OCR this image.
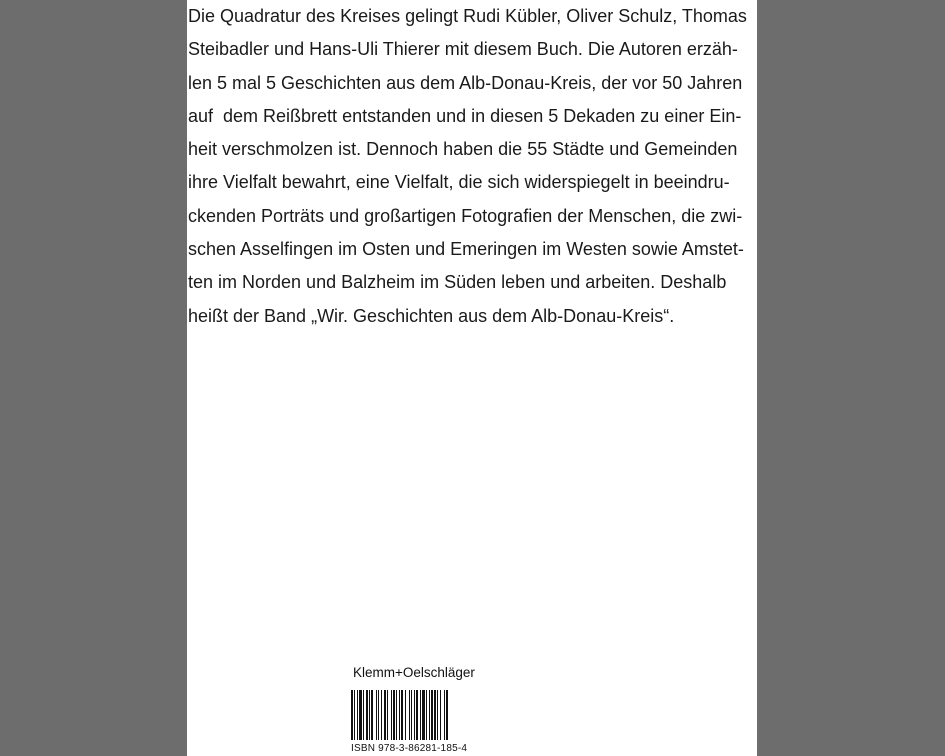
Die Quadratur des Kreises gelingt Rudi Kübler, Oliver Schulz, Thomas
Steibadler und Hans-Uli Thierer mit diesem Buch. Die Autoren erzäh-
len 5 mal 5 Geschichten aus dem Alb-Donau-Kreis, der vor 50 Jahren
auf  dem Reißbrett entstanden und in diesen 5 Dekaden zu einer Ein-
heit verschmolzen ist. Dennoch haben die 55 Städte und Gemeinden
ihre Vielfalt bewahrt, eine Vielfalt, die sich widerspiegelt in beeindru-
ckenden Porträts und großartigen Fotografien der Menschen, die zwi-
schen Asselfingen im Osten und Emeringen im Westen sowie Amstet-
ten im Norden und Balzheim im Süden leben und arbeiten. Deshalb
heißt der Band „Wir. Geschichten aus dem Alb-Donau-Kreis“.
Klemm+Oelschläger
ISBN 978-3-86281-185-4
